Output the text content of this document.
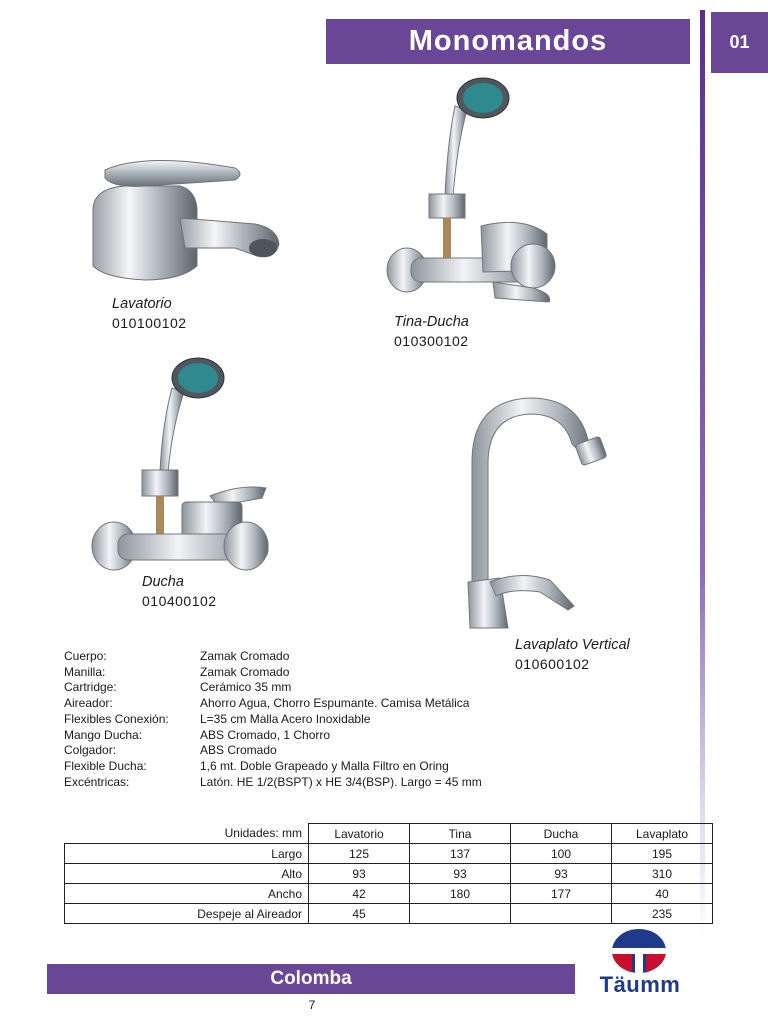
Monomandos	01
Lavatorio
010100102	Tina-Ducha
010300102
Ducha
010400102
Lavaplato Vertical
010600102
Cuerpo:	Zamak Cromado
Manilla:	Zamak Cromado
Cartridge:	Cerámico 35 mm
Aireador:	Ahorro Agua, Chorro Espumante. Camisa Metálica
Flexibles Conexión:	L=35 cm Malla Acero Inoxidable
Mango Ducha:	ABS Cromado, 1 Chorro
Colgador:	ABS Cromado
Flexible Ducha:	1,6 mt. Doble Grapeado y Malla Filtro en Oring
Excéntricas:	Latón. HE 1/2(BSPT) x HE 3/4(BSP). Largo = 45 mm
Unidades: mm	Lavatorio	Tina	Ducha	Lavaplato
Largo	125	137	100	195
Alto	93	93	93	310
Ancho	42	180	177	40
Despeje al Aireador	45			235
Colomba
7
Täumm
